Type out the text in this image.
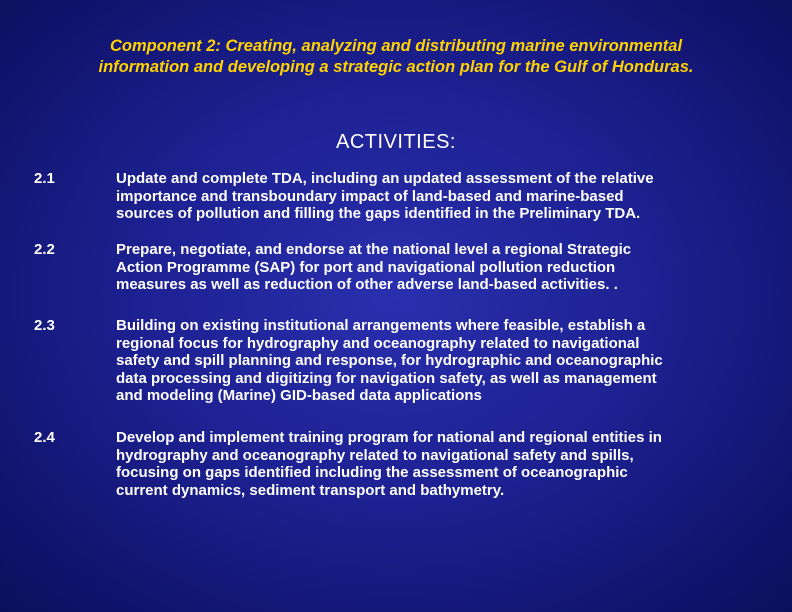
Component 2: Creating, analyzing and distributing marine environmental
information and developing a strategic action plan for the Gulf of Honduras.
ACTIVITIES:
2.1	Update and complete TDA, including an updated assessment of the relative
importance and transboundary impact of land-based and marine-based
sources of pollution and filling the gaps identified in the Preliminary TDA.
2.2	Prepare, negotiate, and endorse at the national level a regional Strategic
Action Programme (SAP) for port and navigational pollution reduction
measures as well as reduction of other adverse land-based activities. .
2.3	Building on existing institutional arrangements where feasible, establish a
regional focus for hydrography and oceanography related to navigational
safety and spill planning and response, for hydrographic and oceanographic
data processing and digitizing for navigation safety, as well as management
and modeling (Marine) GID-based data applications
2.4	Develop and implement training program for national and regional entities in
hydrography and oceanography related to navigational safety and spills,
focusing on gaps identified including the assessment of oceanographic
current dynamics, sediment transport and bathymetry.
